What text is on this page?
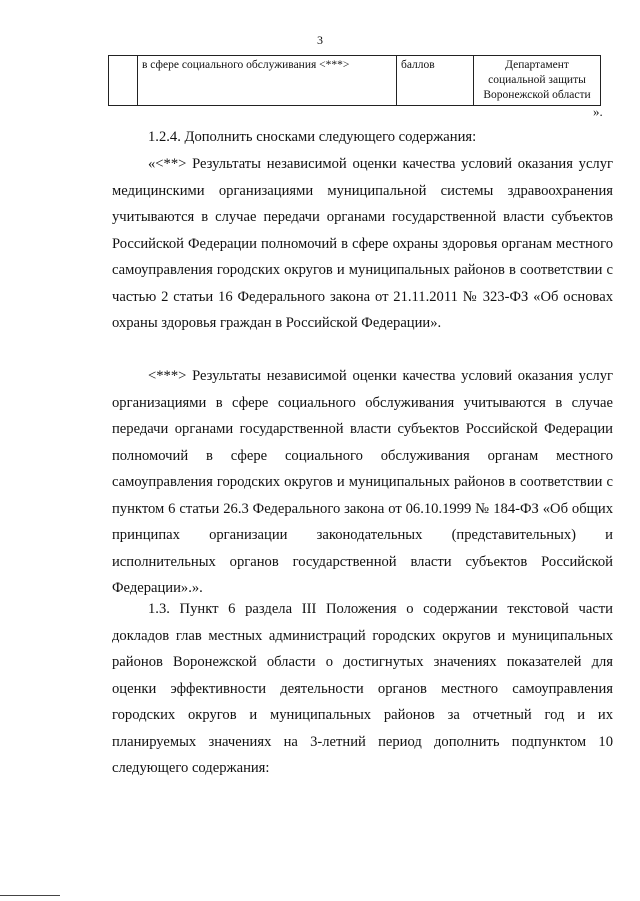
3
	в сфере социального обслуживания <***>	баллов	Департамент
социальной защиты
Воронежской области
».
1.2.4. Дополнить сносками следующего содержания:
«<**> Результаты независимой оценки качества условий оказания услуг медицинскими организациями муниципальной системы здравоохранения учитываются в случае передачи органами государственной власти субъектов Российской Федерации полномочий в сфере охраны здоровья органам местного самоуправления городских округов и муниципальных районов в соответствии с частью 2 статьи 16 Федерального закона от 21.11.2011 № 323-ФЗ «Об основах охраны здоровья граждан в Российской Федерации».
<***> Результаты независимой оценки качества условий оказания услуг организациями в сфере социального обслуживания учитываются в случае передачи органами государственной власти субъектов Российской Федерации полномочий в сфере социального обслуживания органам местного самоуправления городских округов и муниципальных районов в соответствии с пунктом 6 статьи 26.3 Федерального закона от 06.10.1999 № 184-ФЗ «Об общих принципах организации законодательных (представительных) и исполнительных органов государственной власти субъектов Российской Федерации».».
1.3. Пункт 6 раздела III Положения о содержании текстовой части докладов глав местных администраций городских округов и муниципальных районов Воронежской области о достигнутых значениях показателей для оценки эффективности деятельности органов местного самоуправления городских округов и муниципальных районов за отчетный год и их планируемых значениях на 3-летний период дополнить подпунктом 10 следующего содержания:
